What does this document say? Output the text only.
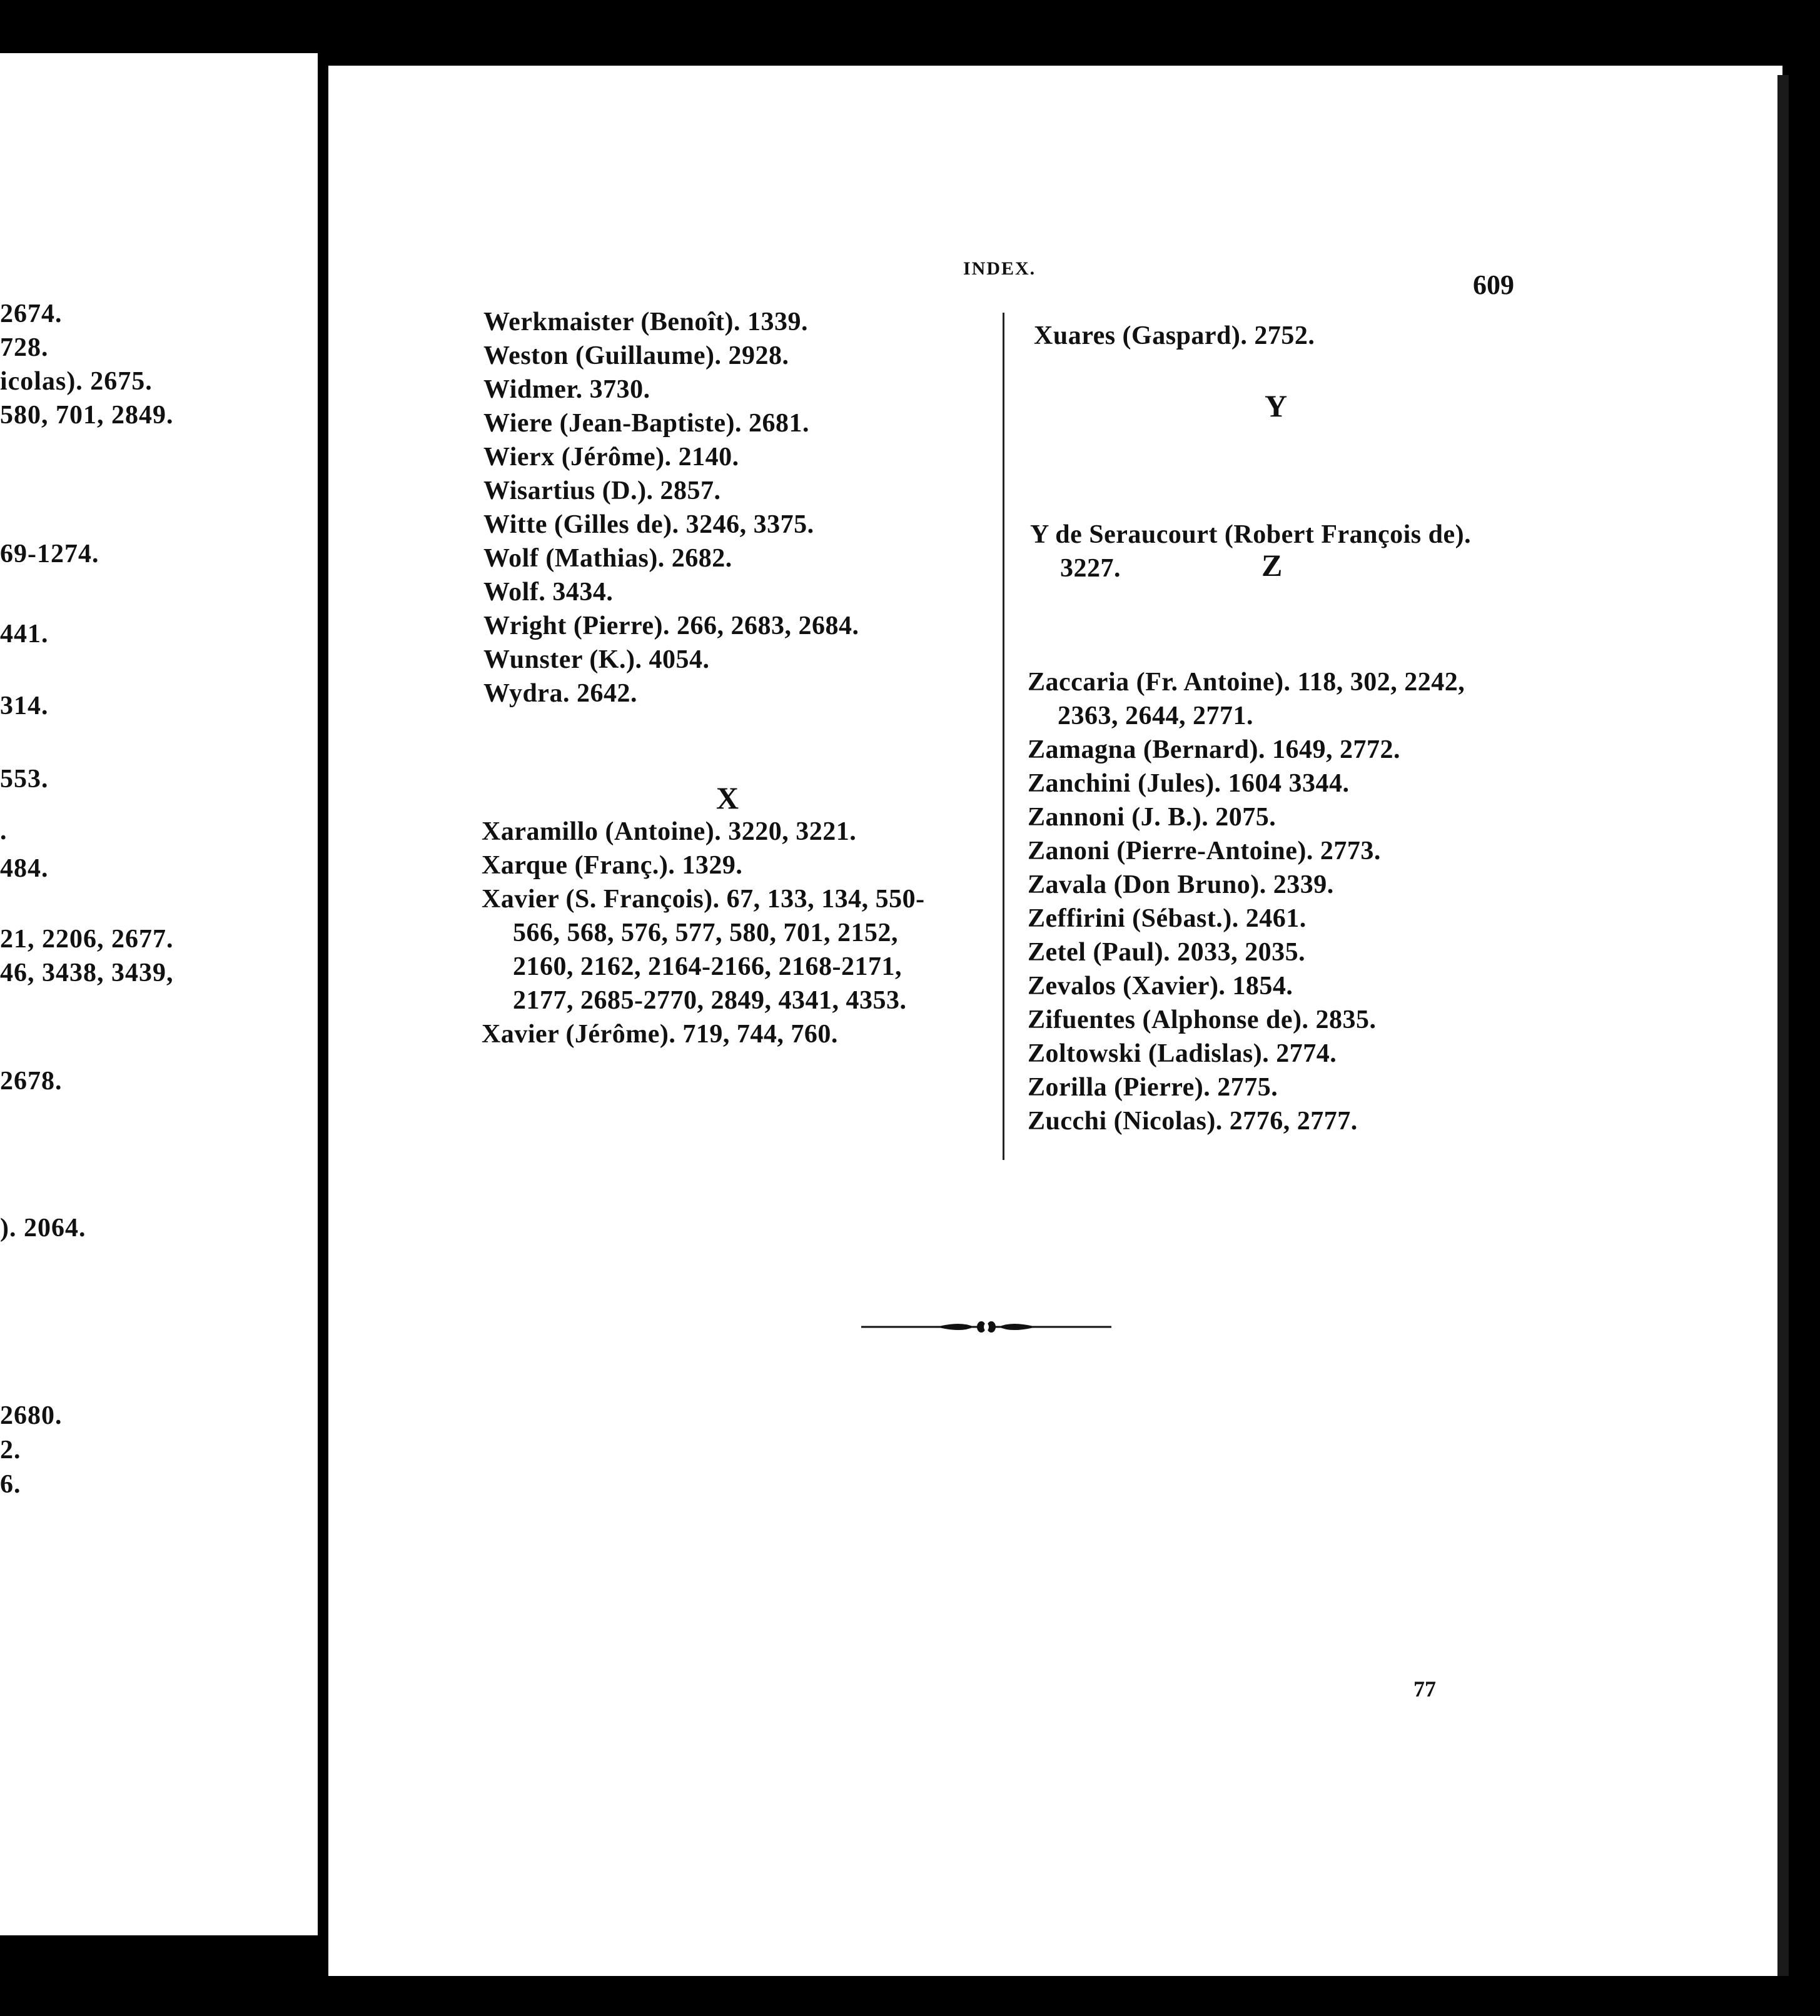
2674.
728.
icolas). 2675.
580, 701, 2849.
69-1274.
441.
314.
553.
.
484.
21, 2206, 2677.
46, 3438, 3439,
2678.
). 2064.
2680.
2.
6.
INDEX.
609
Werkmaister (Benoît). 1339.
Weston (Guillaume). 2928.
Widmer. 3730.
Wiere (Jean-Baptiste). 2681.
Wierx (Jérôme). 2140.
Wisartius (D.). 2857.
Witte (Gilles de). 3246, 3375.
Wolf (Mathias). 2682.
Wolf. 3434.
Wright (Pierre). 266, 2683, 2684.
Wunster (K.). 4054.
Wydra. 2642.
X
Xaramillo (Antoine). 3220, 3221.
Xarque (Franç.). 1329.
Xavier (S. François). 67, 133, 134, 550-
566, 568, 576, 577, 580, 701, 2152,
2160, 2162, 2164-2166, 2168-2171,
2177, 2685-2770, 2849, 4341, 4353.
Xavier (Jérôme). 719, 744, 760.
Xuares (Gaspard). 2752.
Y
Y de Seraucourt (Robert François de).
3227.	Z
Zaccaria (Fr. Antoine). 118, 302, 2242,
2363, 2644, 2771.
Zamagna (Bernard). 1649, 2772.
Zanchini (Jules). 1604 3344.
Zannoni (J. B.). 2075.
Zanoni (Pierre-Antoine). 2773.
Zavala (Don Bruno). 2339.
Zeffirini (Sébast.). 2461.
Zetel (Paul). 2033, 2035.
Zevalos (Xavier). 1854.
Zifuentes (Alphonse de). 2835.
Zoltowski (Ladislas). 2774.
Zorilla (Pierre). 2775.
Zucchi (Nicolas). 2776, 2777.
77
